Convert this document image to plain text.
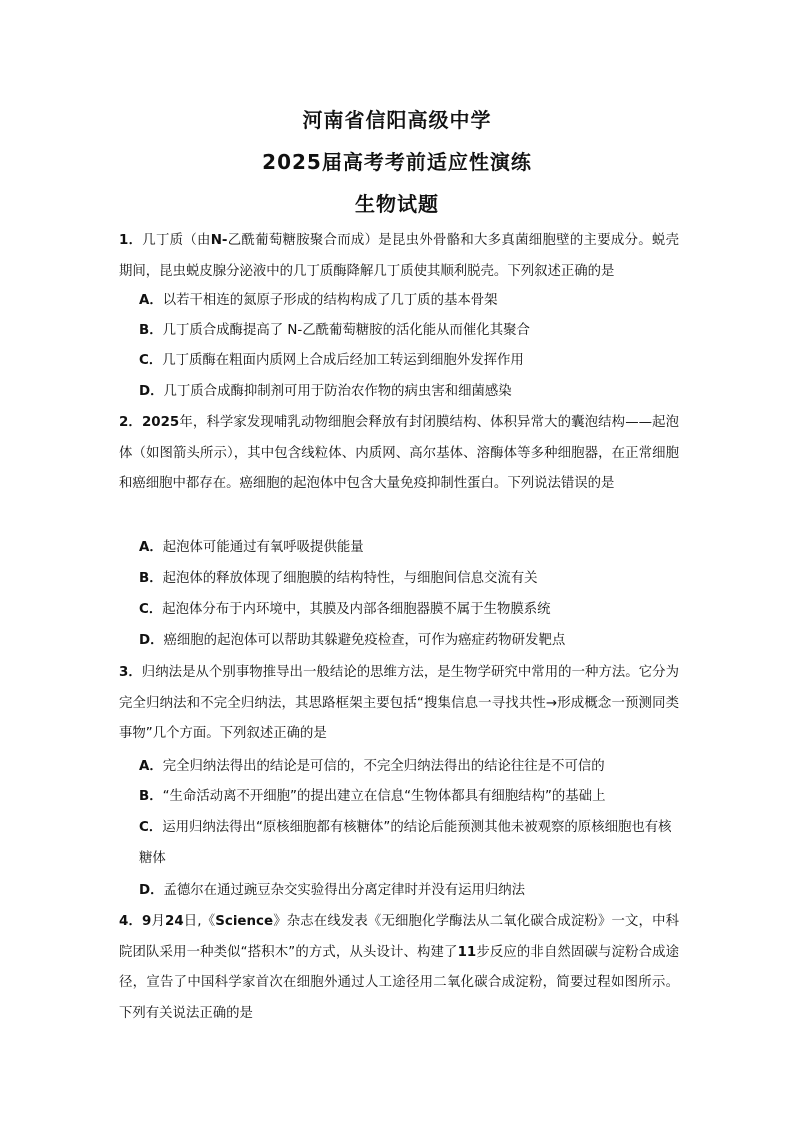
河南省信阳高级中学
2025届高考考前适应性演练
生物试题
1．几丁质（由N-乙酰葡萄糖胺聚合而成）是昆虫外骨骼和大多真菌细胞壁的主要成分。蜕壳期间，昆虫蜕皮腺分泌液中的几丁质酶降解几丁质使其顺利脱壳。下列叙述正确的是
A．以若干相连的氮原子形成的结构构成了几丁质的基本骨架
B．几丁质合成酶提高了 N-乙酰葡萄糖胺的活化能从而催化其聚合
C．几丁质酶在粗面内质网上合成后经加工转运到细胞外发挥作用
D．几丁质合成酶抑制剂可用于防治农作物的病虫害和细菌感染
2．2025年，科学家发现哺乳动物细胞会释放有封闭膜结构、体积异常大的囊泡结构——起泡体（如图箭头所示），其中包含线粒体、内质网、高尔基体、溶酶体等多种细胞器，在正常细胞和癌细胞中都存在。癌细胞的起泡体中包含大量免疫抑制性蛋白。下列说法错误的是
A．起泡体可能通过有氧呼吸提供能量
B．起泡体的释放体现了细胞膜的结构特性，与细胞间信息交流有关
C．起泡体分布于内环境中，其膜及内部各细胞器膜不属于生物膜系统
D．癌细胞的起泡体可以帮助其躲避免疫检查，可作为癌症药物研发靶点
3．归纳法是从个别事物推导出一般结论的思维方法，是生物学研究中常用的一种方法。它分为完全归纳法和不完全归纳法，其思路框架主要包括“搜集信息一寻找共性→形成概念一预测同类事物”几个方面。下列叙述正确的是
A．完全归纳法得出的结论是可信的，不完全归纳法得出的结论往往是不可信的
B．“生命活动离不开细胞”的提出建立在信息“生物体都具有细胞结构”的基础上
C．运用归纳法得出“原核细胞都有核糖体”的结论后能预测其他未被观察的原核细胞也有核糖体
D．孟德尔在通过豌豆杂交实验得出分离定律时并没有运用归纳法
4．9月24日,《Science》杂志在线发表《无细胞化学酶法从二氧化碳合成淀粉》一文，中科院团队采用一种类似“搭积木”的方式，从头设计、构建了11步反应的非自然固碳与淀粉合成途径，宣告了中国科学家首次在细胞外通过人工途径用二氧化碳合成淀粉，简要过程如图所示。下列有关说法正确的是
